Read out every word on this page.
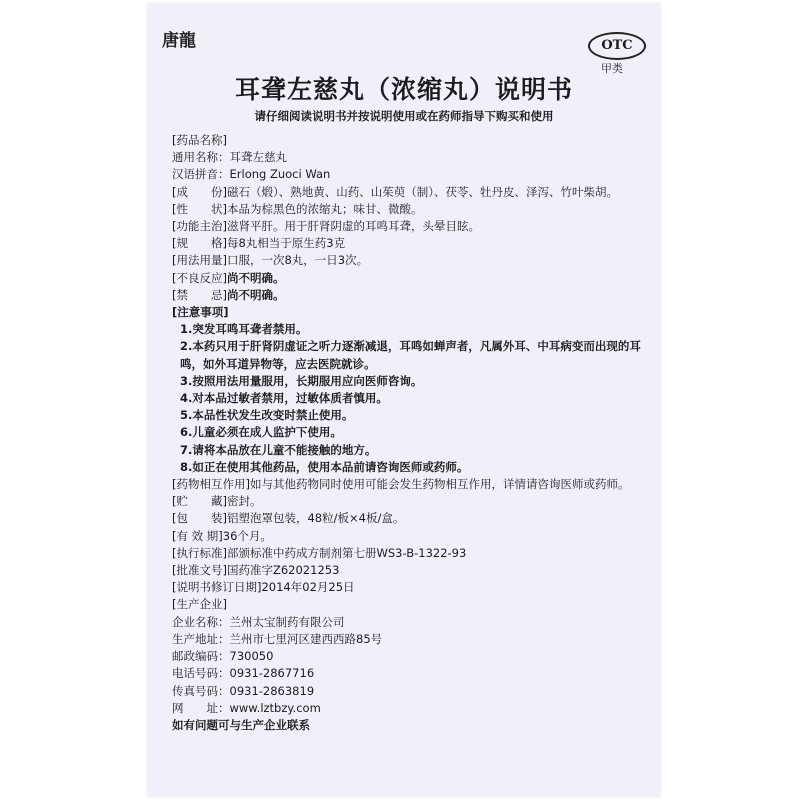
唐龍	OTC
甲类
耳聋左慈丸（浓缩丸）说明书
请仔细阅读说明书并按说明使用或在药师指导下购买和使用
[药品名称]
通用名称：耳聋左慈丸
汉语拼音：Erlong Zuoci Wan
[成　　份] 磁石（煅）、熟地黄、山药、山茱萸（制）、茯苓、牡丹皮、泽泻、竹叶柴胡。
[性　　状] 本品为棕黑色的浓缩丸；味甘、微酸。
[功能主治] 滋肾平肝。用于肝肾阴虚的耳鸣耳聋，头晕目眩。
[规　　格] 每8丸相当于原生药3克
[用法用量] 口服，一次8丸，一日3次。
[不良反应] 尚不明确。
[禁　　忌] 尚不明确。
[注意事项]
1.突发耳鸣耳聋者禁用。
2.本药只用于肝肾阴虚证之听力逐渐减退，耳鸣如蝉声者，凡属外耳、中耳病变而出现的耳鸣，如外耳道异物等，应去医院就诊。
3.按照用法用量服用，长期服用应向医师咨询。
4.对本品过敏者禁用，过敏体质者慎用。
5.本品性状发生改变时禁止使用。
6.儿童必须在成人监护下使用。
7.请将本品放在儿童不能接触的地方。
8.如正在使用其他药品，使用本品前请咨询医师或药师。
[药物相互作用] 如与其他药物同时使用可能会发生药物相互作用，详情请咨询医师或药师。
[贮　　藏] 密封。
[包　　装] 铝塑泡罩包装，48粒/板×4板/盒。
[有 效 期] 36个月。
[执行标准] 部颁标准中药成方制剂第七册WS3-B-1322-93
[批准文号] 国药准字Z62021253
[说明书修订日期] 2014年02月25日
[生产企业]
企业名称：兰州太宝制药有限公司
生产地址：兰州市七里河区建西西路85号
邮政编码：730050
电话号码：0931-2867716
传真号码：0931-2863819
网　　址：www.lztbzy.com
如有问题可与生产企业联系
